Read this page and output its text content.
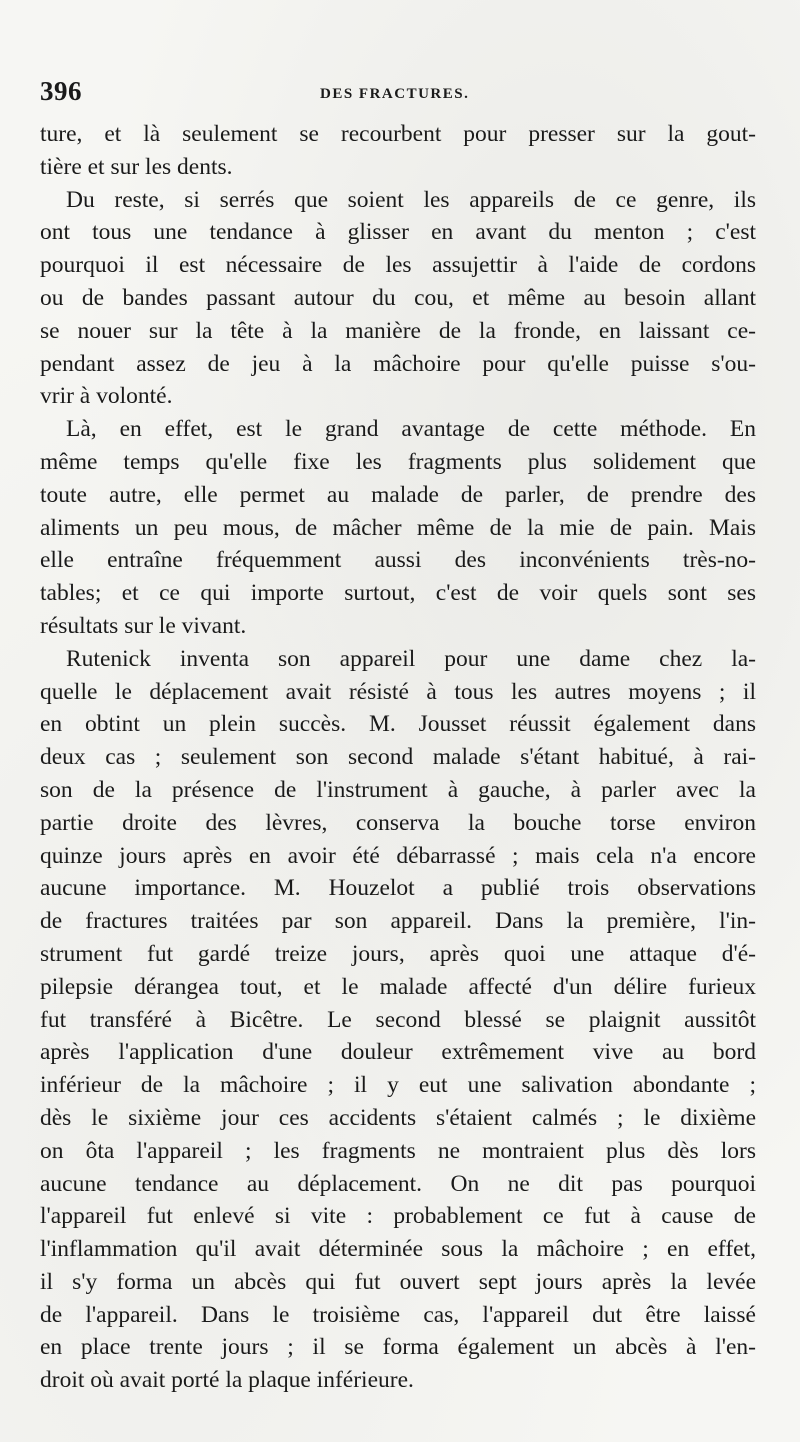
396	DES FRACTURES.
ture, et là seulement se recourbent pour presser sur la gout-
tière et sur les dents.
Du reste, si serrés que soient les appareils de ce genre, ils
ont tous une tendance à glisser en avant du menton ; c'est
pourquoi il est nécessaire de les assujettir à l'aide de cordons
ou de bandes passant autour du cou, et même au besoin allant
se nouer sur la tête à la manière de la fronde, en laissant ce-
pendant assez de jeu à la mâchoire pour qu'elle puisse s'ou-
vrir à volonté.
Là, en effet, est le grand avantage de cette méthode. En
même temps qu'elle fixe les fragments plus solidement que
toute autre, elle permet au malade de parler, de prendre des
aliments un peu mous, de mâcher même de la mie de pain. Mais
elle entraîne fréquemment aussi des inconvénients très-no-
tables; et ce qui importe surtout, c'est de voir quels sont ses
résultats sur le vivant.
Rutenick inventa son appareil pour une dame chez la-
quelle le déplacement avait résisté à tous les autres moyens ; il
en obtint un plein succès. M. Jousset réussit également dans
deux cas ; seulement son second malade s'étant habitué, à rai-
son de la présence de l'instrument à gauche, à parler avec la
partie droite des lèvres, conserva la bouche torse environ
quinze jours après en avoir été débarrassé ; mais cela n'a encore
aucune importance. M. Houzelot a publié trois observations
de fractures traitées par son appareil. Dans la première, l'in-
strument fut gardé treize jours, après quoi une attaque d'é-
pilepsie dérangea tout, et le malade affecté d'un délire furieux
fut transféré à Bicêtre. Le second blessé se plaignit aussitôt
après l'application d'une douleur extrêmement vive au bord
inférieur de la mâchoire ; il y eut une salivation abondante ;
dès le sixième jour ces accidents s'étaient calmés ; le dixième
on ôta l'appareil ; les fragments ne montraient plus dès lors
aucune tendance au déplacement. On ne dit pas pourquoi
l'appareil fut enlevé si vite : probablement ce fut à cause de
l'inflammation qu'il avait déterminée sous la mâchoire ; en effet,
il s'y forma un abcès qui fut ouvert sept jours après la levée
de l'appareil. Dans le troisième cas, l'appareil dut être laissé
en place trente jours ; il se forma également un abcès à l'en-
droit où avait porté la plaque inférieure.
